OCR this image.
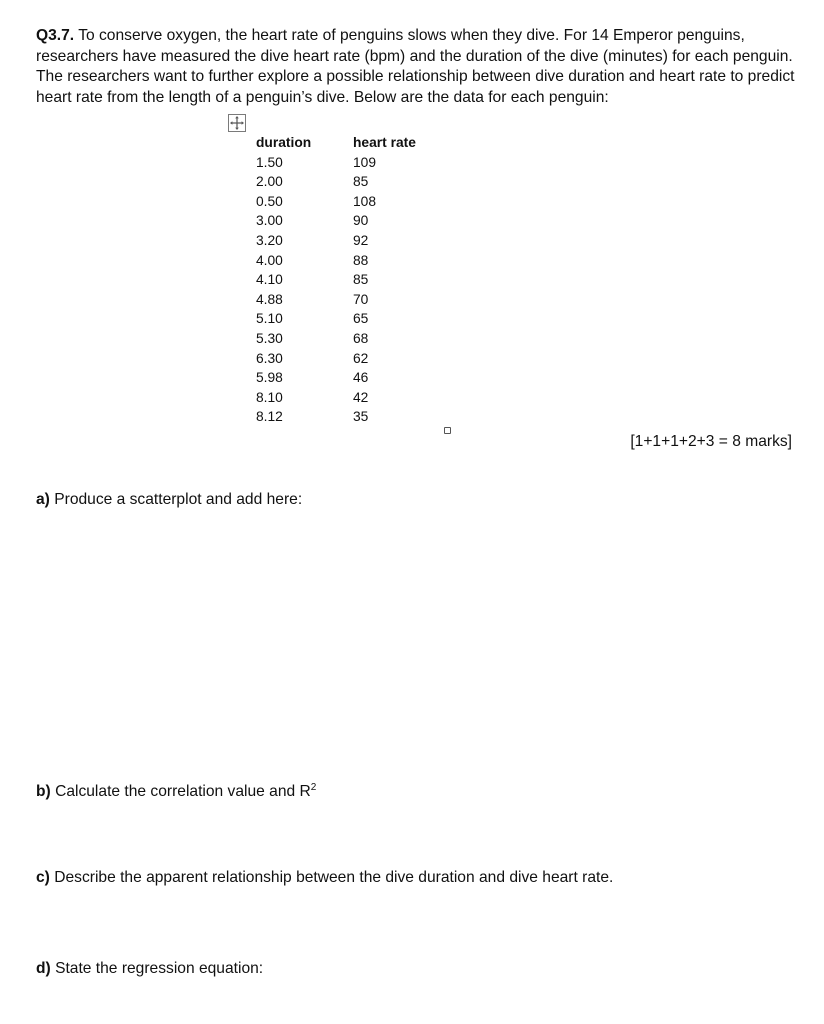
Q3.7. To conserve oxygen, the heart rate of penguins slows when they dive. For 14 Emperor penguins, researchers have measured the dive heart rate (bpm) and the duration of the dive (minutes) for each penguin. The researchers want to further explore a possible relationship between dive duration and heart rate to predict heart rate from the length of a penguin’s dive. Below are the data for each penguin:
duration	heart rate
1.50	109
2.00	85
0.50	108
3.00	90
3.20	92
4.00	88
4.10	85
4.88	70
5.10	65
5.30	68
6.30	62
5.98	46
8.10	42
8.12	35
[1+1+1+2+3 = 8 marks]
a) Produce a scatterplot and add here:
b) Calculate the correlation value and $R^2$
c) Describe the apparent relationship between the dive duration and dive heart rate.
d) State the regression equation:
